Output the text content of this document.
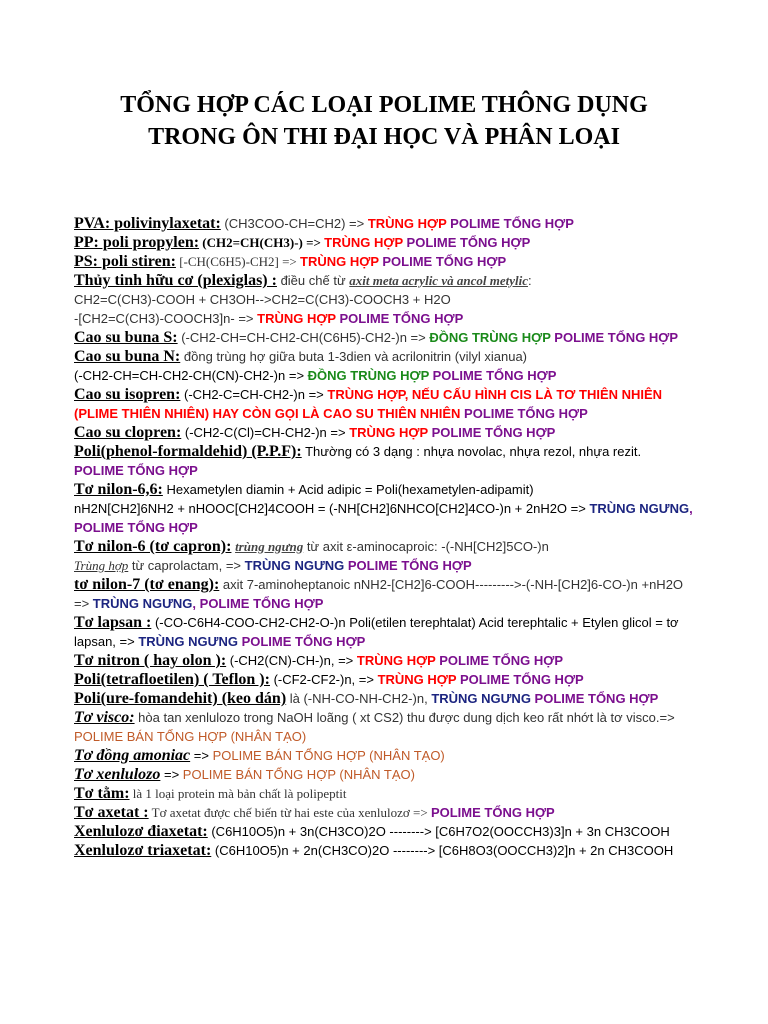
TỔNG HỢP CÁC LOẠI POLIME THÔNG DỤNG
TRONG ÔN THI ĐẠI HỌC VÀ PHÂN LOẠI
PVA: polivinylaxetat: (CH3COO-CH=CH2) => TRÙNG HỢP POLIME TỔNG HỢP
PP: poli propylen: (CH2=CH(CH3)-) => TRÙNG HỢP POLIME TỔNG HỢP
PS: poli stiren: [-CH(C6H5)-CH2] => TRÙNG HỢP POLIME TỔNG HỢP
Thủy tinh hữu cơ (plexiglas) : điều chế từ axit meta acrylic và ancol metylic:
CH2=C(CH3)-COOH + CH3OH-->CH2=C(CH3)-COOCH3 + H2O
-[CH2=C(CH3)-COOCH3]n- => TRÙNG HỢP POLIME TỔNG HỢP
Cao su buna S: (-CH2-CH=CH-CH2-CH(C6H5)-CH2-)n => ĐỒNG TRÙNG HỢP POLIME TỔNG HỢP
Cao su buna N: đồng trùng hợ giữa buta 1-3dien và acrilonitrin (vilyl xianua)
(-CH2-CH=CH-CH2-CH(CN)-CH2-)n => ĐỒNG TRÙNG HỢP POLIME TỔNG HỢP
Cao su isopren: (-CH2-C=CH-CH2-)n => TRÙNG HỢP, NẾU CẤU HÌNH CIS LÀ TƠ THIÊN NHIÊN (PLIME THIÊN NHIÊN) HAY CÒN GỌI LÀ CAO SU THIÊN NHIÊN POLIME TỔNG HỢP
Cao su clopren: (-CH2-C(Cl)=CH-CH2-)n => TRÙNG HỢP POLIME TỔNG HỢP
Poli(phenol-formaldehid) (P.P.F): Thường có 3 dạng : nhựa novolac, nhựa rezol, nhựa rezit. POLIME TỔNG HỢP
Tơ nilon-6,6: Hexametylen diamin + Acid adipic = Poli(hexametylen-adipamit)
nH2N[CH2]6NH2 + nHOOC[CH2]4COOH = (-NH[CH2]6NHCO[CH2]4CO-)n + 2nH2O => TRÙNG NGƯNG, POLIME TỔNG HỢP
Tơ nilon-6 (tơ capron): trùng ngưng từ axit ε-aminocaproic: -(-NH[CH2]5CO-)n
Trùng hợp từ caprolactam, => TRÙNG NGƯNG POLIME TỔNG HỢP
tơ nilon-7 (tơ enang): axit 7-aminoheptanoic nNH2-[CH2]6-COOH--------->-(-NH-[CH2]6-CO-)n +nH2O => TRÙNG NGƯNG, POLIME TỔNG HỢP
Tơ lapsan : (-CO-C6H4-COO-CH2-CH2-O-)n Poli(etilen terephtalat) Acid terephtalic + Etylen glicol = tơ lapsan, => TRÙNG NGƯNG POLIME TỔNG HỢP
Tơ nitron ( hay olon ): (-CH2(CN)-CH-)n, => TRÙNG HỢP POLIME TỔNG HỢP
Poli(tetrafloetilen) ( Teflon ): (-CF2-CF2-)n, => TRÙNG HỢP POLIME TỔNG HỢP
Poli(ure-fomandehit) (keo dán) là (-NH-CO-NH-CH2-)n, TRÙNG NGƯNG POLIME TỔNG HỢP
Tơ visco: hòa tan xenlulozo trong NaOH loãng ( xt CS2) thu được dung dịch keo rất nhớt là tơ visco.=> POLIME BÁN TỔNG HỢP (NHÂN TẠO)
Tơ đồng amoniac => POLIME BÁN TỔNG HỢP (NHÂN TẠO)
Tơ xenlulozo => POLIME BÁN TỔNG HỢP (NHÂN TẠO)
Tơ tằm: là 1 loại protein mà bản chất là polipeptit
Tơ axetat : Tơ axetat được chế biến từ hai este của xenlulozơ => POLIME TỔNG HỢP
Xenlulozơ điaxetat: (C6H10O5)n + 3n(CH3CO)2O --------> [C6H7O2(OOCCH3)3]n + 3n CH3COOH
Xenlulozơ triaxetat: (C6H10O5)n + 2n(CH3CO)2O --------> [C6H8O3(OOCCH3)2]n + 2n CH3COOH
